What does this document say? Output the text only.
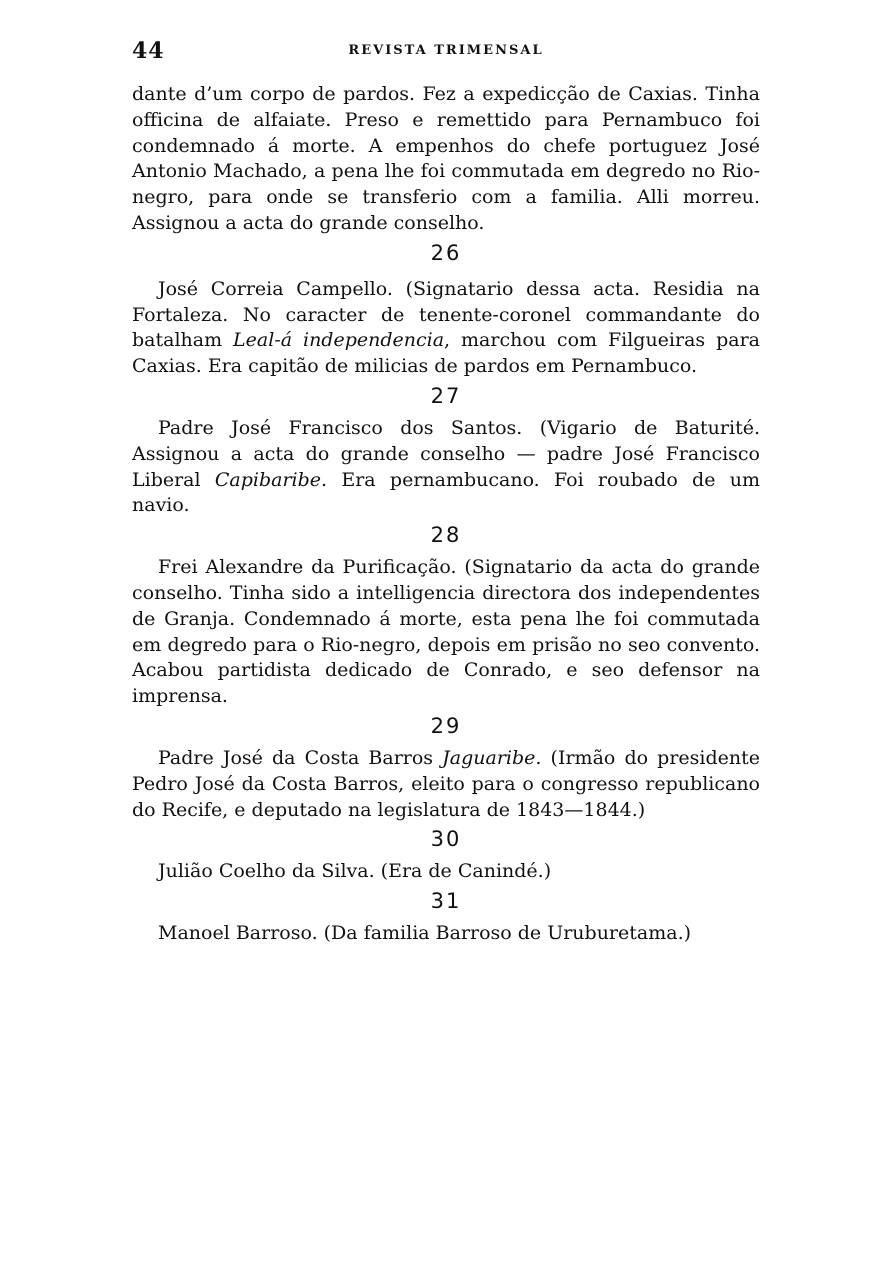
44	REVISTA TRIMENSAL

dante d’um corpo de pardos. Fez a expedicção de Caxias. Tinha officina de alfaiate. Preso e remettido para Pernambuco foi condemnado á morte. A empenhos do chefe portuguez José Antonio Machado, a pena lhe foi commutada em degredo no Rio-negro, para onde se transferio com a familia. Alli morreu. Assignou a acta do grande conselho.

26

José Correia Campello. (Signatario dessa acta. Residia na Fortaleza. No caracter de tenente-coronel commandante do batalham Leal-á independencia, marchou com Filgueiras para Caxias. Era capitão de milicias de pardos em Pernambuco.

27

Padre José Francisco dos Santos. (Vigario de Baturité. Assignou a acta do grande conselho — padre José Francisco Liberal Capibaribe. Era pernambucano. Foi roubado de um navio.

28

Frei Alexandre da Purificação. (Signatario da acta do grande conselho. Tinha sido a intelligencia directora dos independentes de Granja. Condemnado á morte, esta pena lhe foi commutada em degredo para o Rio-negro, depois em prisão no seo convento. Acabou partidista dedicado de Conrado, e seo defensor na imprensa.

29

Padre José da Costa Barros Jaguaribe. (Irmão do presidente Pedro José da Costa Barros, eleito para o congresso republicano do Recife, e deputado na legislatura de 1843—1844.)

30

Julião Coelho da Silva. (Era de Canindé.)

31

Manoel Barroso. (Da familia Barroso de Uruburetama.)
